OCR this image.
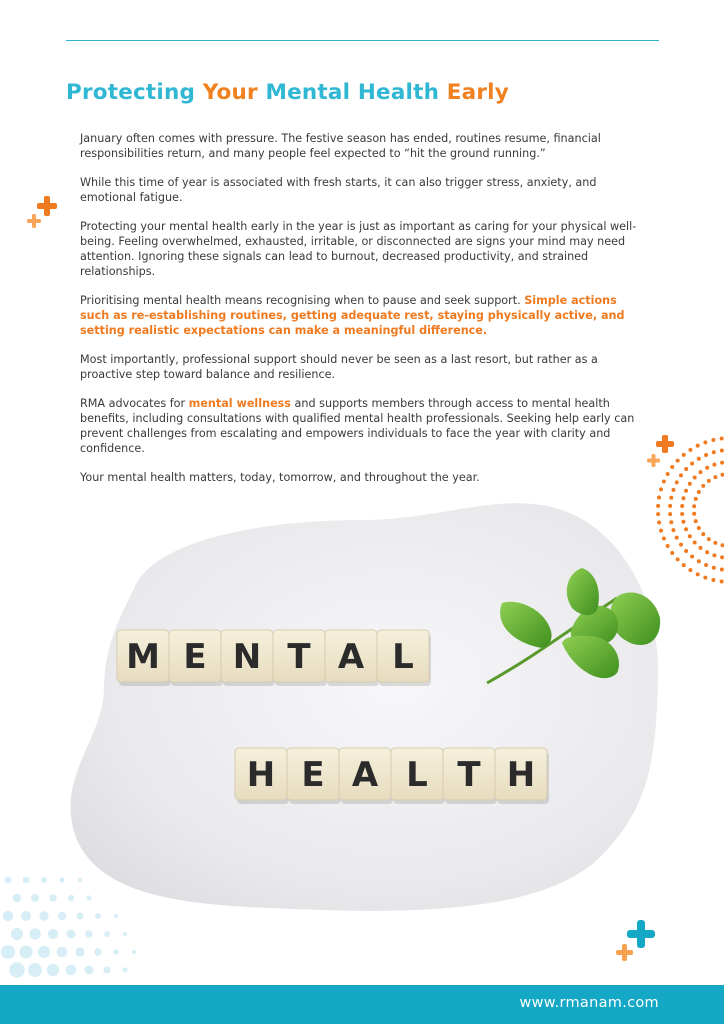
Protecting Your Mental Health Early

January often comes with pressure. The festive season has ended, routines resume, financial responsibilities return, and many people feel expected to “hit the ground running.”

While this time of year is associated with fresh starts, it can also trigger stress, anxiety, and emotional fatigue.

Protecting your mental health early in the year is just as important as caring for your physical well-being. Feeling overwhelmed, exhausted, irritable, or disconnected are signs your mind may need attention. Ignoring these signals can lead to burnout, decreased productivity, and strained relationships.

Prioritising mental health means recognising when to pause and seek support. Simple actions such as re-establishing routines, getting adequate rest, staying physically active, and setting realistic expectations can make a meaningful difference.

Most importantly, professional support should never be seen as a last resort, but rather as a proactive step toward balance and resilience.

RMA advocates for mental wellness and supports members through access to mental health benefits, including consultations with qualified mental health professionals. Seeking help early can prevent challenges from escalating and empowers individuals to face the year with clarity and confidence.

Your mental health matters, today, tomorrow, and throughout the year.

M E N T A L
H E A L T H
www.rmanam.com
